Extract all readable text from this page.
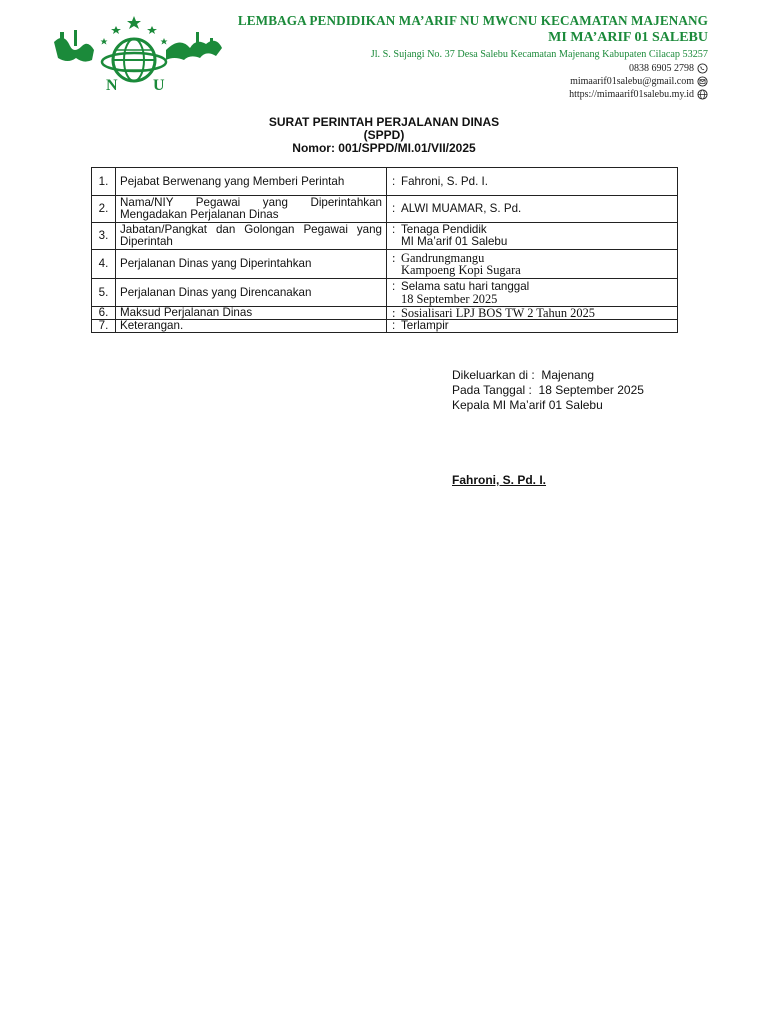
N U
LEMBAGA PENDIDIKAN MA’ARIF NU MWCNU KECAMATAN MAJENANG
MI MA’ARIF 01 SALEBU
Jl. S. Sujangi No. 37 Desa Salebu Kecamatan Majenang Kabupaten Cilacap 53257
0838 6905 2798
mimaarif01salebu@gmail.com
https://mimaarif01salebu.my.id
SURAT PERINTAH PERJALANAN DINAS
(SPPD)
Nomor: 001/SPPD/MI.01/VII/2025
1.	Pejabat Berwenang yang Memberi Perintah	: Fahroni, S. Pd. I.
2.	Nama/NIY Pegawai yang Diperintahkan Mengadakan Perjalanan Dinas	: ALWI MUAMAR, S. Pd.
3.	Jabatan/Pangkat dan Golongan Pegawai yang Diperintah	: Tenaga Pendidik
MI Ma’arif 01 Salebu

4.	Perjalanan Dinas yang Diperintahkan	: Gandrungmangu
Kampoeng Kopi Sugara

5.	Perjalanan Dinas yang Direncanakan	: Selama satu hari tanggal
18 September 2025

6.	Maksud Perjalanan Dinas	: Sosialisari LPJ BOS TW 2 Tahun 2025
7.	Keterangan.	: Terlampir
Dikeluarkan di :  Majenang
Pada Tanggal :  18 September 2025
Kepala MI Ma’arif 01 Salebu
Fahroni, S. Pd. I.
